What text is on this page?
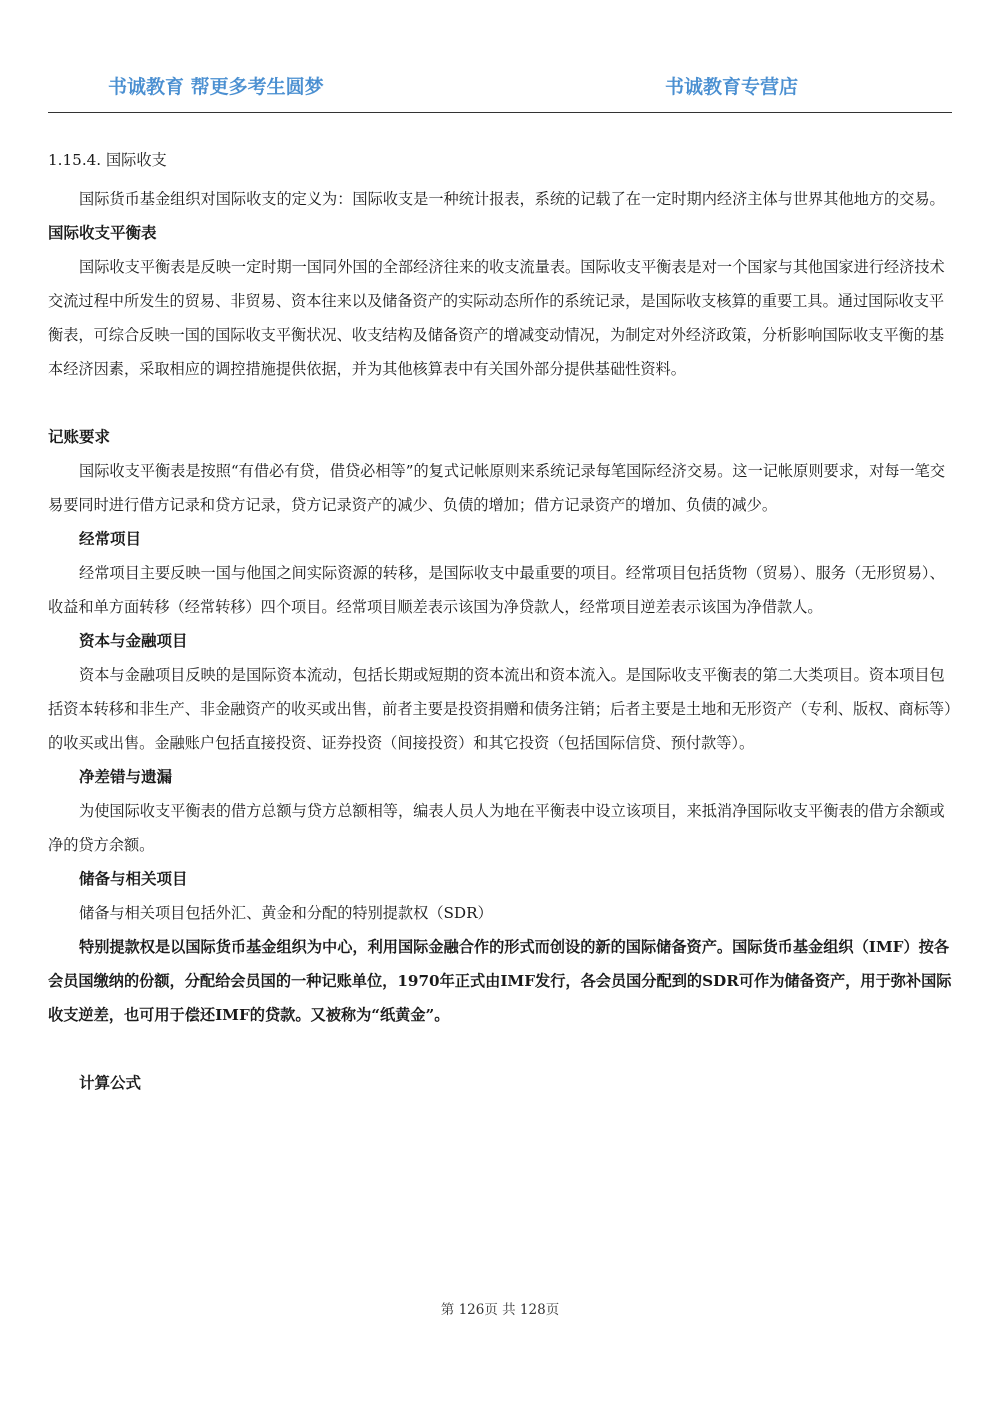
书诚教育 帮更多考生圆梦	书诚教育专营店
1.15.4. 国际收支

国际货币基金组织对国际收支的定义为：国际收支是一种统计报表，系统的记载了在一定时期内经济主体与世界其他地方的交易。

国际收支平衡表

国际收支平衡表是反映一定时期一国同外国的全部经济往来的收支流量表。国际收支平衡表是对一个国家与其他国家进行经济技术交流过程中所发生的贸易、非贸易、资本往来以及储备资产的实际动态所作的系统记录，是国际收支核算的重要工具。通过国际收支平衡表，可综合反映一国的国际收支平衡状况、收支结构及储备资产的增减变动情况，为制定对外经济政策，分析影响国际收支平衡的基本经济因素，采取相应的调控措施提供依据，并为其他核算表中有关国外部分提供基础性资料。

记账要求

国际收支平衡表是按照“有借必有贷，借贷必相等”的复式记帐原则来系统记录每笔国际经济交易。这一记帐原则要求，对每一笔交易要同时进行借方记录和贷方记录，贷方记录资产的减少、负债的增加；借方记录资产的增加、负债的减少。

经常项目

经常项目主要反映一国与他国之间实际资源的转移，是国际收支中最重要的项目。经常项目包括货物（贸易）、服务（无形贸易）、收益和单方面转移（经常转移）四个项目。经常项目顺差表示该国为净贷款人，经常项目逆差表示该国为净借款人。

资本与金融项目

资本与金融项目反映的是国际资本流动，包括长期或短期的资本流出和资本流入。是国际收支平衡表的第二大类项目。资本项目包括资本转移和非生产、非金融资产的收买或出售，前者主要是投资捐赠和债务注销；后者主要是土地和无形资产（专利、版权、商标等）的收买或出售。金融账户包括直接投资、证券投资（间接投资）和其它投资（包括国际信贷、预付款等）。

净差错与遗漏

为使国际收支平衡表的借方总额与贷方总额相等，编表人员人为地在平衡表中设立该项目，来抵消净国际收支平衡表的借方余额或净的贷方余额。

储备与相关项目

储备与相关项目包括外汇、黄金和分配的特别提款权（SDR）

特别提款权是以国际货币基金组织为中心，利用国际金融合作的形式而创设的新的国际储备资产。国际货币基金组织（IMF）按各会员国缴纳的份额，分配给会员国的一种记账单位，1970年正式由IMF发行，各会员国分配到的SDR可作为储备资产，用于弥补国际收支逆差，也可用于偿还IMF的贷款。又被称为“纸黄金”。

计算公式

第 126页 共 128页
